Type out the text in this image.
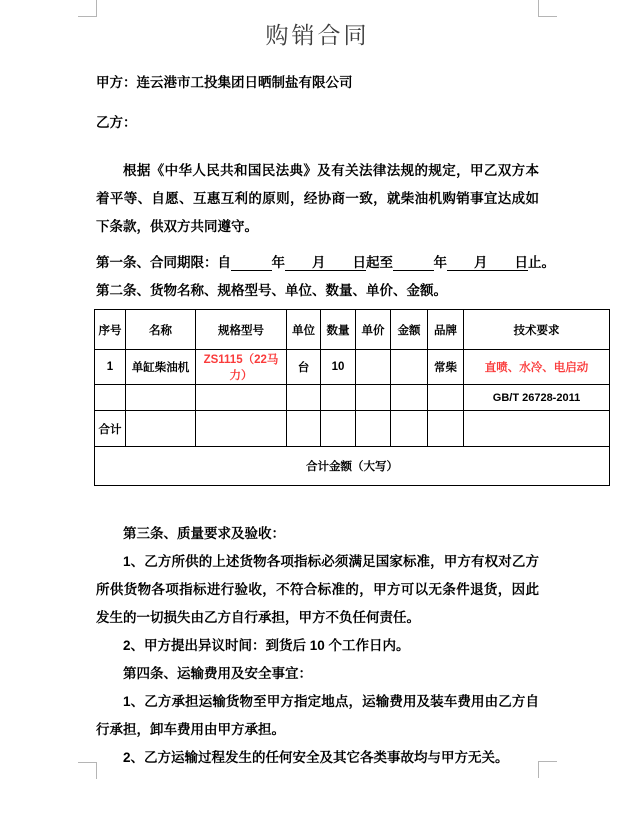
购销合同
甲方：连云港市工投集团日晒制盐有限公司
乙方：

根据《中华人民共和国民法典》及有关法律法规的规定，甲乙双方本着平等、自愿、互惠互利的原则，经协商一致，就柴油机购销事宜达成如下条款，供双方共同遵守。

第一条、合同期限：自　　　	年　　月　　日起至　　　	年　　月　　日止。
第二条、货物名称、规格型号、单位、数量、单价、金额。
序号	名称	规格型号	单位	数量	单价	金额	品牌	技术要求
1	单缸柴油机	ZS1115（22马力）	台	10			常柴	直喷、水冷、电启动
								GB/T 26728-2011
合计								
合计金额（大写）								

第三条、质量要求及验收：

1、乙方所供的上述货物各项指标必须满足国家标准，甲方有权对乙方所供货物各项指标进行验收，不符合标准的，甲方可以无条件退货，因此发生的一切损失由乙方自行承担，甲方不负任何责任。

2、甲方提出异议时间：到货后 10 个工作日内。

第四条、运输费用及安全事宜：

1、乙方承担运输货物至甲方指定地点，运输费用及装车费用由乙方自行承担，卸车费用由甲方承担。

2、乙方运输过程发生的任何安全及其它各类事故均与甲方无关。
